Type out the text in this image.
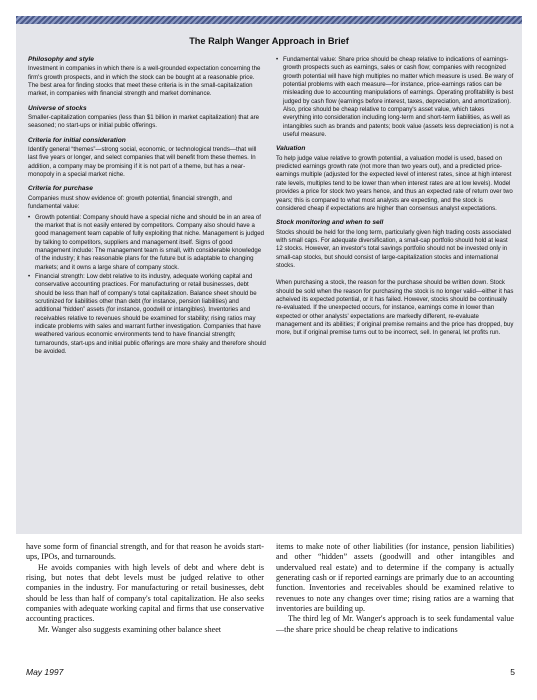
The Ralph Wanger Approach in Brief
Philosophy and style
Investment in companies in which there is a well-grounded expectation concerning the firm's growth prospects, and in which the stock can be bought at a reasonable price. The best area for finding stocks that meet these criteria is in the small-capitalization market, in companies with financial strength and market dominance.
Universe of stocks
Smaller-capitalization companies (less than $1 billion in market capitalization) that are seasoned; no start-ups or initial public offerings.
Criteria for initial consideration
Identify general “themes”—strong social, economic, or technological trends—that will last five years or longer, and select companies that will benefit from these themes. In addition, a company may be promising if it is not part of a theme, but has a near-monopoly in a special market niche.
Criteria for purchase
Companies must show evidence of: growth potential, financial strength, and fundamental value:
• Growth potential: Company should have a special niche and should be in an area of the market that is not easily entered by competitors. Company also should have a good management team capable of fully exploiting that niche. Management is judged by talking to competitors, suppliers and management itself. Signs of good management include: The management team is small, with considerable knowledge of the industry; it has reasonable plans for the future but is adaptable to changing markets; and it owns a large share of company stock.
• Financial strength: Low debt relative to its industry, adequate working capital and conservative accounting practices. For manufacturing or retail businesses, debt should be less than half of company's total capitalization. Balance sheet should be scrutinized for liabilities other than debt (for instance, pension liabilities) and additional “hidden” assets (for instance, goodwill or intangibles). Inventories and receivables relative to revenues should be examined for stability; rising ratios may indicate problems with sales and warrant further investigation. Companies that have weathered various economic environments tend to have financial strength; turnarounds, start-ups and initial public offerings are more shaky and therefore should be avoided.
• Fundamental value: Share price should be cheap relative to indications of earnings-growth prospects such as earnings, sales or cash flow; companies with recognized growth potential will have high multiples no matter which measure is used. Be wary of potential problems with each measure—for instance, price-earnings ratios can be misleading due to accounting manipulations of earnings. Operating profitability is best judged by cash flow (earnings before interest, taxes, depreciation, and amortization). Also, price should be cheap relative to company's asset value, which takes everything into consideration including long-term and short-term liabilities, as well as intangibles such as brands and patents; book value (assets less depreciation) is not a useful measure.
Valuation
To help judge value relative to growth potential, a valuation model is used, based on predicted earnings growth rate (not more than two years out), and a predicted price-earnings multiple (adjusted for the expected level of interest rates, since at high interest rate levels, multiples tend to be lower than when interest rates are at low levels). Model provides a price for stock two years hence, and thus an expected rate of return over two years; this is compared to what most analysts are expecting, and the stock is considered cheap if expectations are higher than consensus analyst expectations.
Stock monitoring and when to sell
Stocks should be held for the long term, particularly given high trading costs associated with small caps. For adequate diversification, a small-cap portfolio should hold at least 12 stocks. However, an investor's total savings portfolio should not be invested only in small-cap stocks, but should consist of large-capitalization stocks and international stocks.
When purchasing a stock, the reason for the purchase should be written down. Stock should be sold when the reason for purchasing the stock is no longer valid—either it has acheived its expected potential, or it has failed. However, stocks should be continually re-evaluated. If the unexpected occurs, for instance, earnings come in lower than expected or other analysts' expectations are markedly different, re-evaluate management and its abilities; if original premise remains and the price has dropped, buy more, but if original premise turns out to be incorrect, sell. In general, let profits run.

have some form of financial strength, and for that reason he avoids start-ups, IPOs, and turnarounds.

He avoids companies with high levels of debt and where debt is rising, but notes that debt levels must be judged relative to other companies in the industry. For manufacturing or retail businesses, debt should be less than half of company's total capitalization. He also seeks companies with adequate working capital and firms that use conservative accounting practices.

Mr. Wanger also suggests examining other balance sheet

items to make note of other liabilities (for instance, pension liabilities) and other “hidden” assets (goodwill and other intangibles and undervalued real estate) and to determine if the company is actually generating cash or if reported earnings are primarly due to an accounting function. Inventories and receivables should be examined relative to revenues to note any changes over time; rising ratios are a warning that inventories are building up.

The third leg of Mr. Wanger's approach is to seek fundamental value—the share price should be cheap relative to indications

May 1997	5
